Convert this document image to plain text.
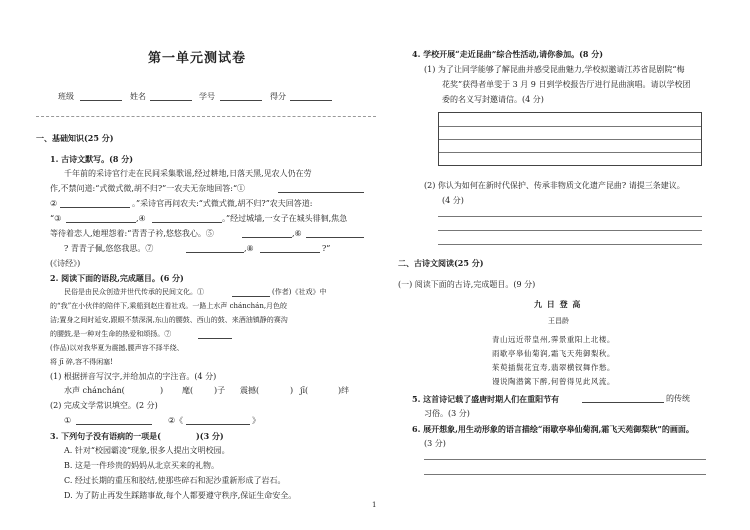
第一单元测试卷
班级	姓名	学号	得分
一、基础知识(25 分)
1. 古诗文默写。(8 分)
千年前的采诗官行走在民间采集歌谣,经过耕地,日落天黑,见农人仍在劳
作,不禁问道:“式微式微,胡不归?”一农夫无奈地回答:“①
②	。”采诗官再问农夫:“式微式微,胡不归?”农夫回答道:
“③	,④	。”经过城墙,一女子在城头徘徊,焦急
等待着恋人,她埋怨着:“青青子衿,悠悠我心。⑤	,⑥
? 青青子佩,悠悠我思。⑦	,⑧	?”
(《诗经》)
2. 阅读下面的语段,完成题目。(6 分)
民俗是由民众创造并世代传承的民间文化。①	(作者)《社戏》中
的“我”在小伙伴的陪伴下,乘船到赵庄看社戏。一路上水声 chánchán,月色皎
洁;置身之间时延安,跟眼不禁深洞,东山的腰鼓、西山的鼓、来酒油镇静的赛沟
的腰鼓,是一种对生命的热爱和颂扬。⑦
(作品)以对我华夏为震撼,腰声容不择半绕、
将 jī 碎,容不得闲塞!
(1) 根据拼音写汉字,并给加点的字注音。(4 分)
水声 chánchán(	) 麾(	)子 震撼(	) jī(	)绊
(2) 完成文学常识填空。(2 分)
①	②《	》
3. 下列句子没有语病的一项是(	)(3 分)
A. 针对“校园霸凌”现象,很多人提出文明校园。
B. 这是一件珍贵的妈妈从北京买来的礼物。
C. 经过长期的重压和胶结,使那些碎石和泥沙重新形成了岩石。
D. 为了防止再发生踩踏事故,每个人都要遵守秩序,保证生命安全。
4. 学校开展“走近昆曲”综合性活动,请你参加。(8 分)
(1) 为了让同学能够了解昆曲并感受昆曲魅力,学校拟邀请江苏省昆剧院“梅
花奖”获得者单雯于 3 月 9 日到学校报告厅进行昆曲演唱。请以学校团
委的名义写封邀请信。(4 分)
(2) 你认为如何在新时代保护、传承非物质文化遗产昆曲? 请提三条建议。
(4 分)
二、古诗文阅读(25 分)
(一) 阅读下面的古诗,完成题目。(9 分)
九 日 登 高
王昌龄
青山远近带皇州,霁景重阳上北楼。
雨歇亭皋仙菊润,霜飞天苑御梨秋。
茱萸插鬓花宜寿,翡翠横钗舞作愁。
谩说陶潜篱下醉,何曾得见此风流。
5. 这首诗记载了盛唐时期人们在重阳节有	的传统
习俗。(3 分)
6. 展开想象,用生动形象的语言描绘“雨歇亭皋仙菊润,霜飞天苑御梨秋”的画面。
(3 分)
1
